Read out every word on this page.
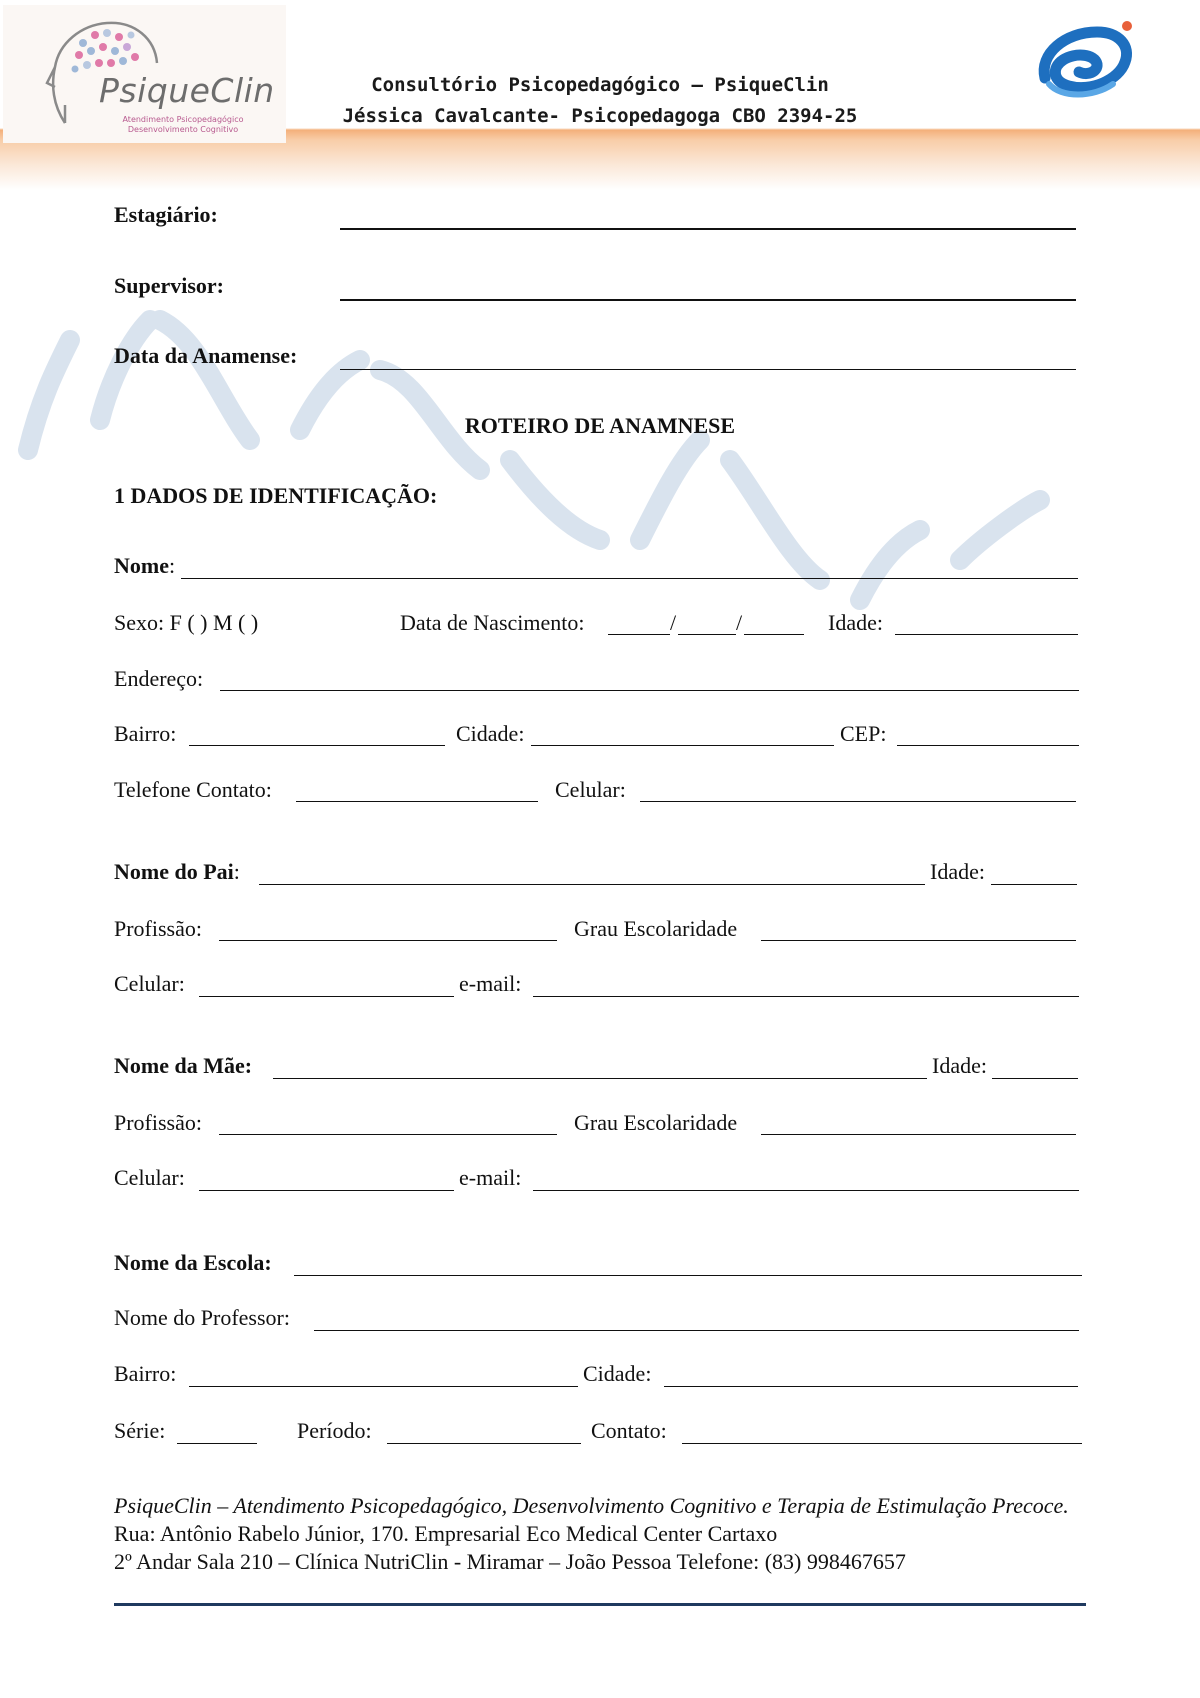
PsiqueClin
Atendimento Psicopedagógico
Desenvolvimento Cognitivo
Consultório Psicopedagógico – PsiqueClin
Jéssica Cavalcante- Psicopedagoga CBO 2394-25
Estagiário:
Supervisor:
Data da Anamense:
ROTEIRO DE ANAMNESE
1 DADOS DE IDENTIFICAÇÃO:
Nome:
Sexo: F ( ) M ( )	Data de Nascimento:	/	/	Idade:
Endereço:
Bairro:	Cidade:	CEP:
Telefone Contato:	Celular:
Nome do Pai:	Idade:
Profissão:	Grau Escolaridade
Celular:	e-mail:
Nome da Mãe:	Idade:
Profissão:	Grau Escolaridade
Celular:	e-mail:
Nome da Escola:
Nome do Professor:
Bairro:	Cidade:
Série:	Período:	Contato:
PsiqueClin – Atendimento Psicopedagógico, Desenvolvimento Cognitivo e Terapia de Estimulação Precoce.
Rua: Antônio Rabelo Júnior, 170. Empresarial Eco Medical Center Cartaxo
2º Andar Sala 210 – Clínica NutriClin - Miramar – João Pessoa Telefone: (83) 998467657
